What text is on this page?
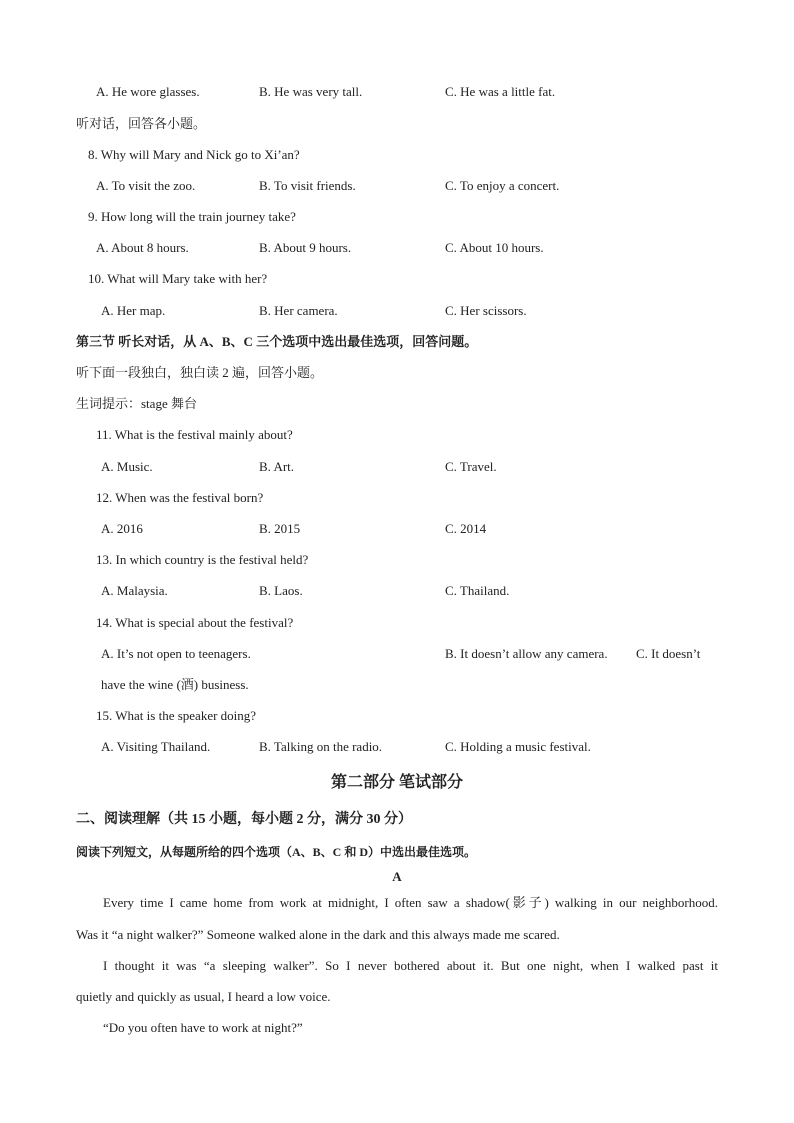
A. He wore glasses.	B. He was very tall.	C. He was a little fat.
听对话，回答各小题。
8. Why will Mary and Nick go to Xi’an?
A. To visit the zoo.	B. To visit friends.	C. To enjoy a concert.
9. How long will the train journey take?
A. About 8 hours.	B. About 9 hours.	C. About 10 hours.
10. What will Mary take with her?
A. Her map.	B. Her camera.	C. Her scissors.
第三节 听长对话，从 A、B、C 三个选项中选出最佳选项，回答问题。
听下面一段独白，独白读 2 遍，回答小题。
生词提示：stage 舞台
11. What is the festival mainly about?
A. Music.	B. Art.	C. Travel.
12. When was the festival born?
A. 2016	B. 2015	C. 2014
13. In which country is the festival held?
A. Malaysia.	B. Laos.	C. Thailand.
14. What is special about the festival?
A. It’s not open to teenagers.	B. It doesn’t allow any camera. C. It doesn’t
have the wine (酒) business.
15. What is the speaker doing?
A. Visiting Thailand.	B. Talking on the radio.	C. Holding a music festival.
第二部分 笔试部分
二、阅读理解（共 15 小题，每小题 2 分，满分 30 分）
阅读下列短文，从每题所给的四个选项（A、B、C 和 D）中选出最佳选项。
A
Every time I came home from work at midnight, I often saw a shadow(影子) walking in our neighborhood.
Was it “a night walker?” Someone walked alone in the dark and this always made me scared.
I thought it was “a sleeping walker”. So I never bothered about it. But one night, when I walked past it
quietly and quickly as usual, I heard a low voice.
“Do you often have to work at night?”
